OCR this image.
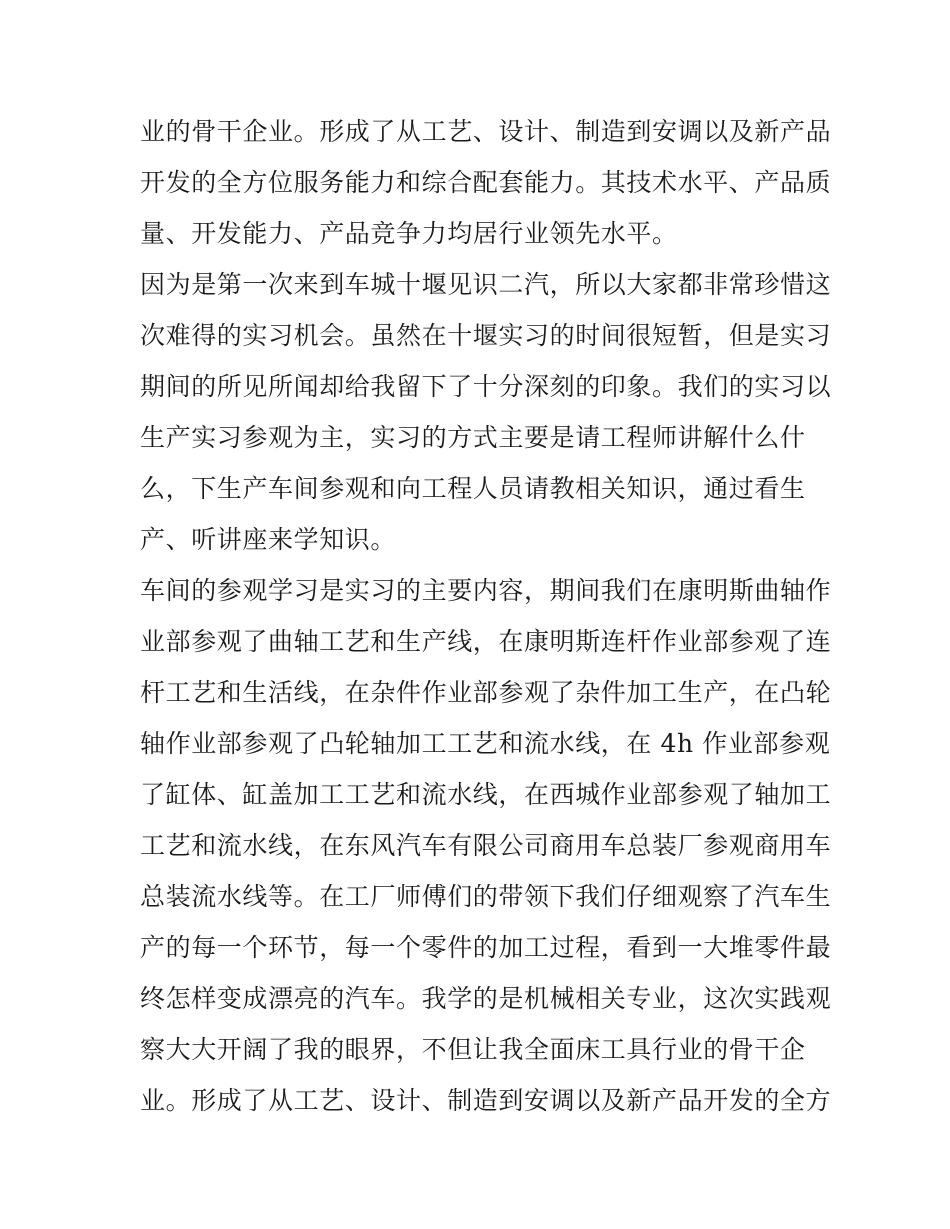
业的骨干企业。形成了从工艺、设计、制造到安调以及新产品
开发的全方位服务能力和综合配套能力。其技术水平、产品质
量、开发能力、产品竞争力均居行业领先水平。
因为是第一次来到车城十堰见识二汽，所以大家都非常珍惜这
次难得的实习机会。虽然在十堰实习的时间很短暂，但是实习
期间的所见所闻却给我留下了十分深刻的印象。我们的实习以
生产实习参观为主，实习的方式主要是请工程师讲解什么什
么，下生产车间参观和向工程人员请教相关知识，通过看生
产、听讲座来学知识。
车间的参观学习是实习的主要内容，期间我们在康明斯曲轴作
业部参观了曲轴工艺和生产线，在康明斯连杆作业部参观了连
杆工艺和生活线，在杂件作业部参观了杂件加工生产，在凸轮
轴作业部参观了凸轮轴加工工艺和流水线，在 4h 作业部参观
了缸体、缸盖加工工艺和流水线，在西城作业部参观了轴加工
工艺和流水线，在东风汽车有限公司商用车总装厂参观商用车
总装流水线等。在工厂师傅们的带领下我们仔细观察了汽车生
产的每一个环节，每一个零件的加工过程，看到一大堆零件最
终怎样变成漂亮的汽车。我学的是机械相关专业，这次实践观
察大大开阔了我的眼界，不但让我全面床工具行业的骨干企
业。形成了从工艺、设计、制造到安调以及新产品开发的全方
